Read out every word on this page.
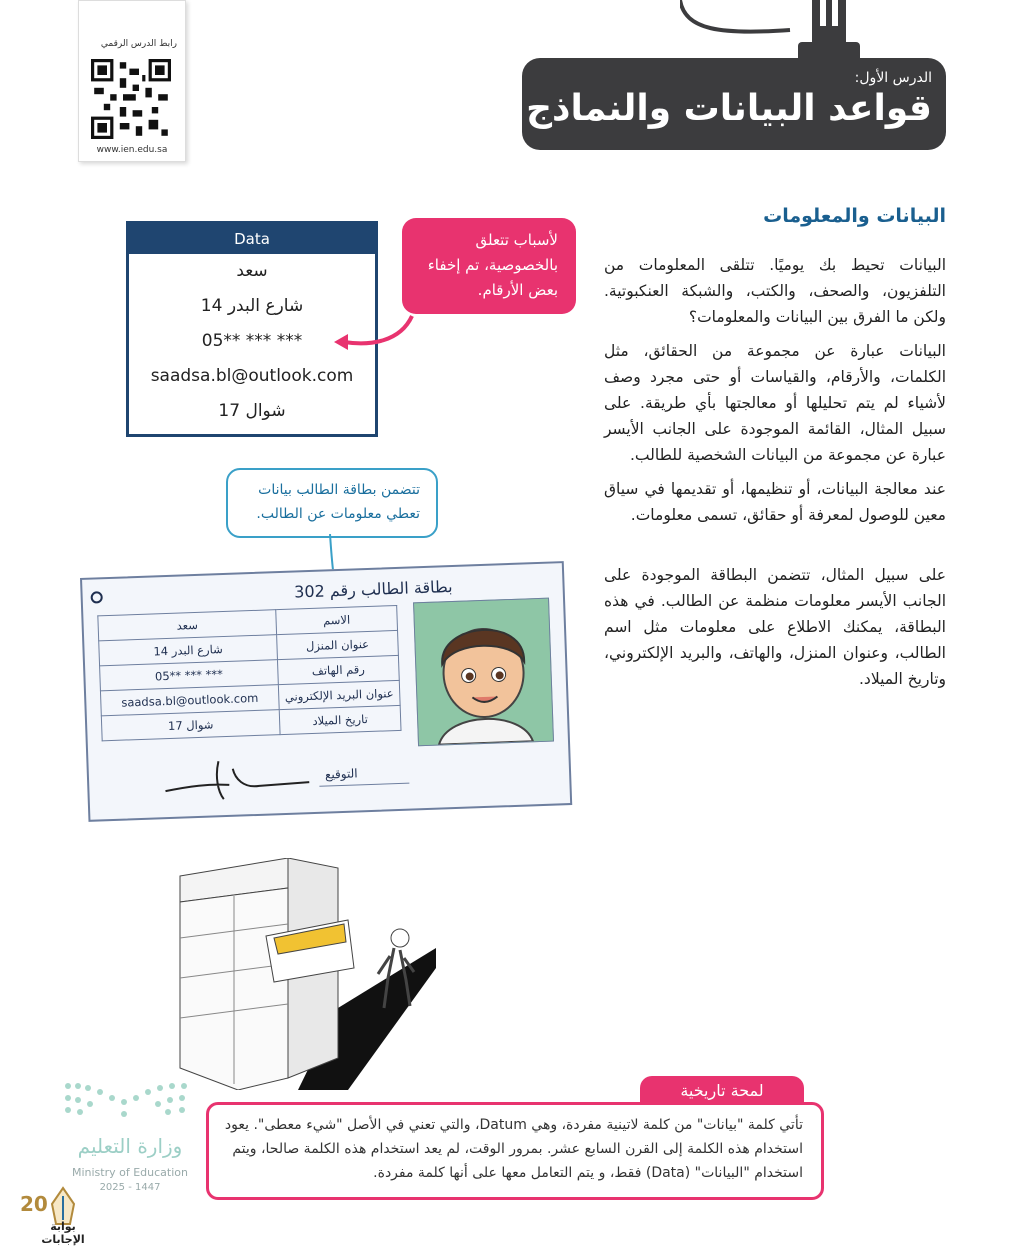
رابط الدرس الرقمي
www.ien.edu.sa
الدرس الأول:
قواعد البيانات والنماذج
البيانات والمعلومات
البيانات تحيط بك يوميًا. تتلقى المعلومات من التلفزيون، والصحف، والكتب، والشبكة العنكبوتية. ولكن ما الفرق بين البيانات والمعلومات؟
البيانات عبارة عن مجموعة من الحقائق، مثل الكلمات، والأرقام، والقياسات أو حتى مجرد وصف لأشياء لم يتم تحليلها أو معالجتها بأي طريقة. على سبيل المثال، القائمة الموجودة على الجانب الأيسر عبارة عن مجموعة من البيانات الشخصية للطالب.
عند معالجة البيانات، أو تنظيمها، أو تقديمها في سياق معين للوصول لمعرفة أو حقائق، تسمى معلومات.
على سبيل المثال، تتضمن البطاقة الموجودة على الجانب الأيسر معلومات منظمة عن الطالب. في هذه البطاقة، يمكنك الاطلاع على معلومات مثل اسم الطالب، وعنوان المنزل، والهاتف، والبريد الإلكتروني، وتاريخ الميلاد.
Data
سعد
شارع البدر 14
05** *** ***
saadsa.bl@outlook.com
17 شوال
لأسباب تتعلق بالخصوصية، تم إخفاء بعض الأرقام.
تتضمن بطاقة الطالب بيانات تعطي معلومات عن الطالب.
بطاقة الطالب رقم 302
سعد	الاسم
شارع البدر 14	عنوان المنزل
05** *** ***	رقم الهاتف
saadsa.bl@outlook.com	عنوان البريد الإلكتروني
17 شوال	تاريخ الميلاد
التوقيع
وزارة التعليم
Ministry of Education
2025 - 1447
لمحة تاريخية
تأتي كلمة "بيانات" من كلمة لاتينية مفردة، وهي Datum، والتي تعني في الأصل "شيء معطى". يعود استخدام هذه الكلمة إلى القرن السابع عشر. بمرور الوقت، لم يعد استخدام هذه الكلمة صالحا، ويتم استخدام "البيانات" (Data) فقط، و يتم التعامل معها على أنها كلمة مفردة.
20
بوابة الإجابات
